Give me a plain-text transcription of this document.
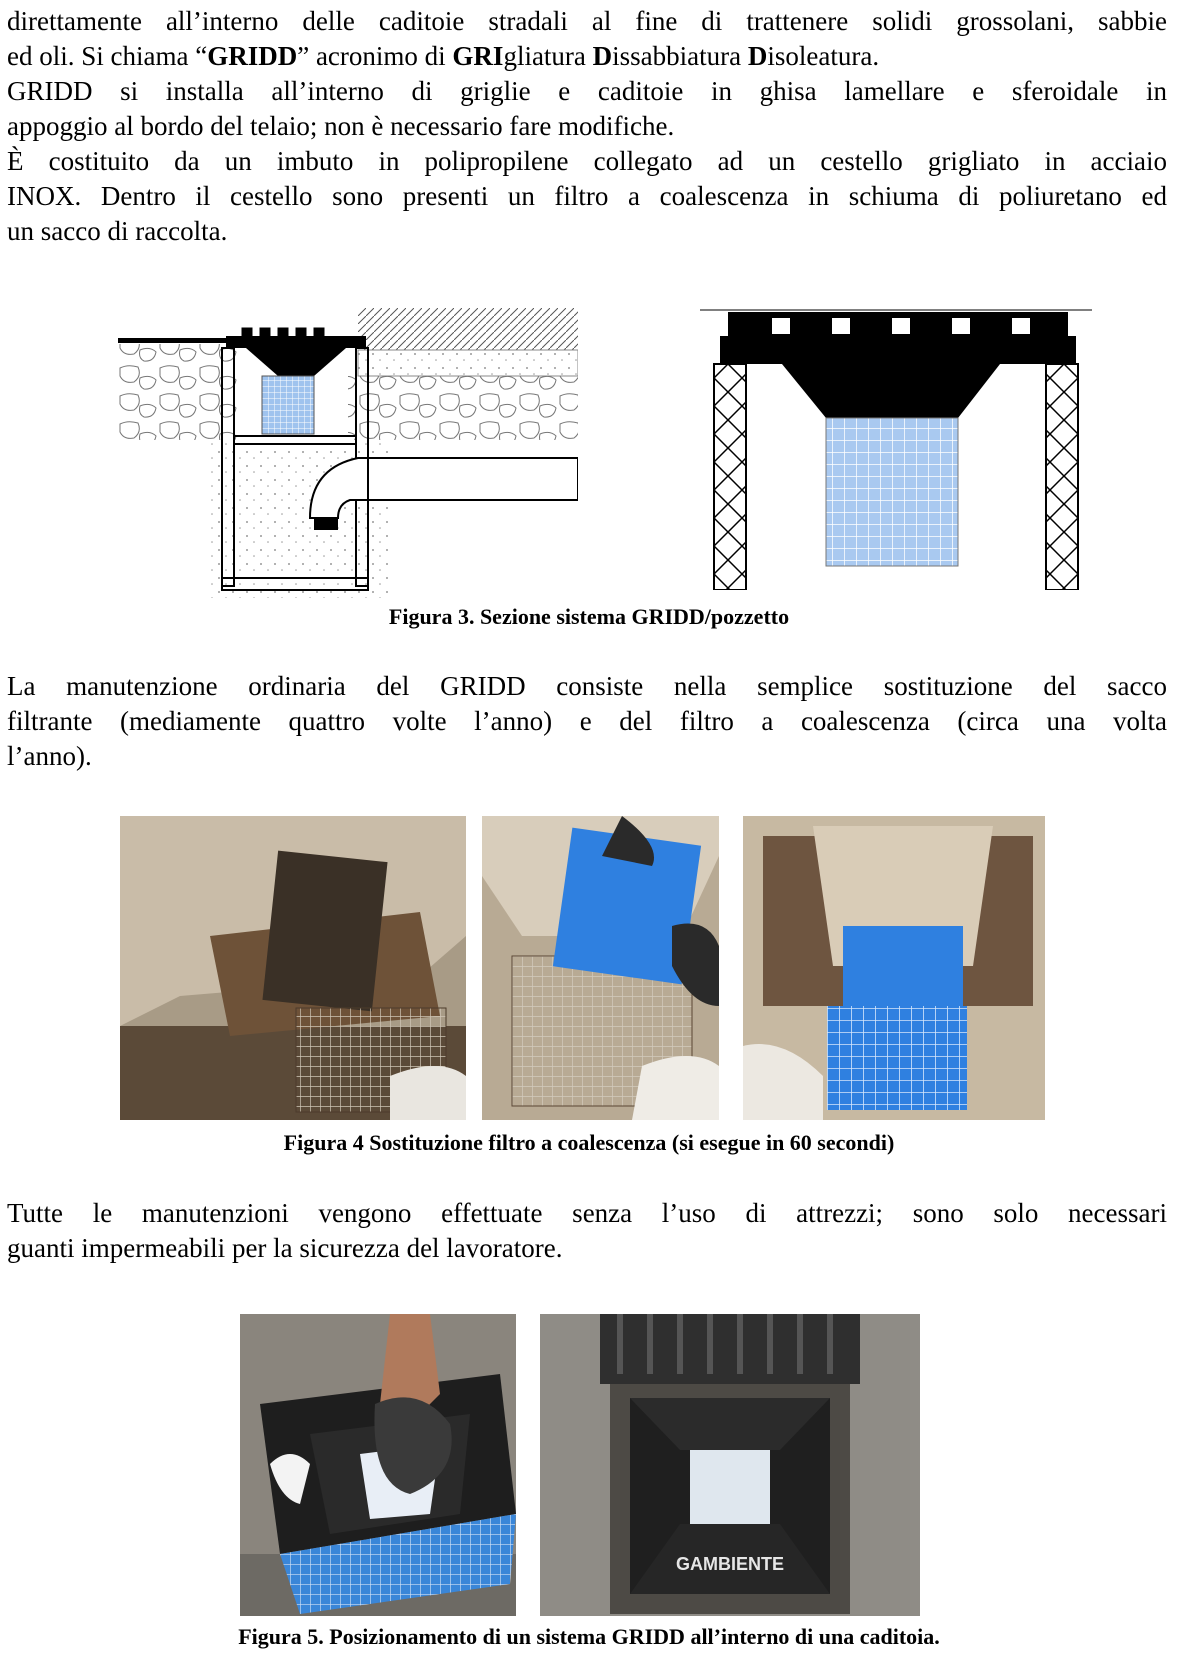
direttamente all’interno delle caditoie stradali al fine di trattenere solidi grossolani, sabbie

ed oli. Si chiama “GRIDD” acronimo di GRIgliatura Dissabbiatura Disoleatura.

GRIDD si installa all’interno di griglie e caditoie in ghisa lamellare e sferoidale in

appoggio al bordo del telaio; non è necessario fare modifiche.

È costituito da un imbuto in polipropilene collegato ad un cestello grigliato in acciaio

INOX. Dentro il cestello sono presenti un filtro a coalescenza in schiuma di poliuretano ed

un sacco di raccolta.

Figura 3. Sezione sistema GRIDD/pozzetto

La manutenzione ordinaria del GRIDD consiste nella semplice sostituzione del sacco

filtrante (mediamente quattro volte l’anno) e del filtro a coalescenza (circa una volta

l’anno).

Figura 4 Sostituzione filtro a coalescenza (si esegue in 60 secondi)

Tutte le manutenzioni vengono effettuate senza l’uso di attrezzi; sono solo necessari

guanti impermeabili per la sicurezza del lavoratore.

GAMBIENTE
Figura 5. Posizionamento di un sistema GRIDD all’interno di una caditoia.
